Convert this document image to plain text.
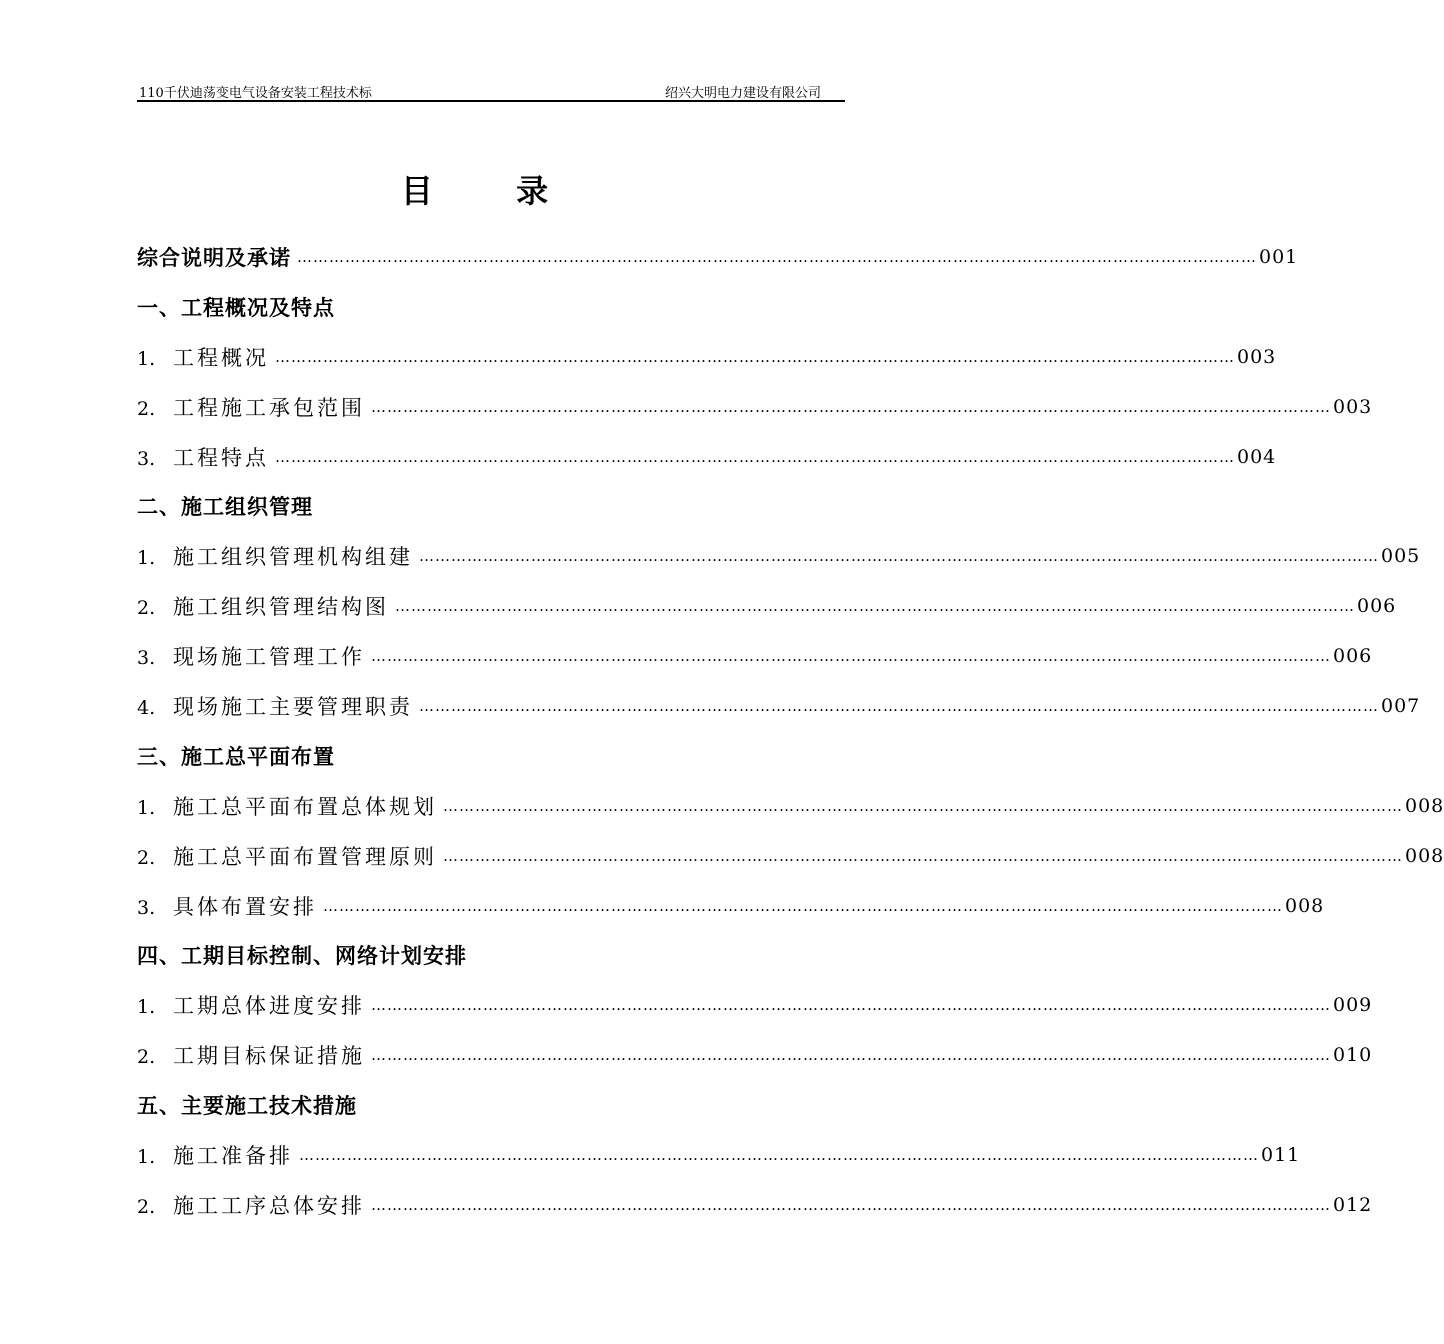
110千伏迪荡变电气设备安装工程技术标	绍兴大明电力建设有限公司
目 录
综合说明及承诺 ……………………………………………………………………………………………………………………………………………………………… 001
一、工程概况及特点
1. 工程概况 ……………………………………………………………………………………………………………………………………………………………… 003
2. 工程施工承包范围 ……………………………………………………………………………………………………………………………………………………………… 003
3. 工程特点 ……………………………………………………………………………………………………………………………………………………………… 004
二、施工组织管理
1. 施工组织管理机构组建 ……………………………………………………………………………………………………………………………………………………………… 005
2. 施工组织管理结构图 ……………………………………………………………………………………………………………………………………………………………… 006
3. 现场施工管理工作 ……………………………………………………………………………………………………………………………………………………………… 006
4. 现场施工主要管理职责 ……………………………………………………………………………………………………………………………………………………………… 007
三、施工总平面布置
1. 施工总平面布置总体规划 ……………………………………………………………………………………………………………………………………………………………… 008
2. 施工总平面布置管理原则 ……………………………………………………………………………………………………………………………………………………………… 008
3. 具体布置安排 ……………………………………………………………………………………………………………………………………………………………… 008
四、工期目标控制、网络计划安排
1. 工期总体进度安排 ……………………………………………………………………………………………………………………………………………………………… 009
2. 工期目标保证措施 ……………………………………………………………………………………………………………………………………………………………… 010
五、主要施工技术措施
1. 施工准备排 ……………………………………………………………………………………………………………………………………………………………… 011
2. 施工工序总体安排 ……………………………………………………………………………………………………………………………………………………………… 012
